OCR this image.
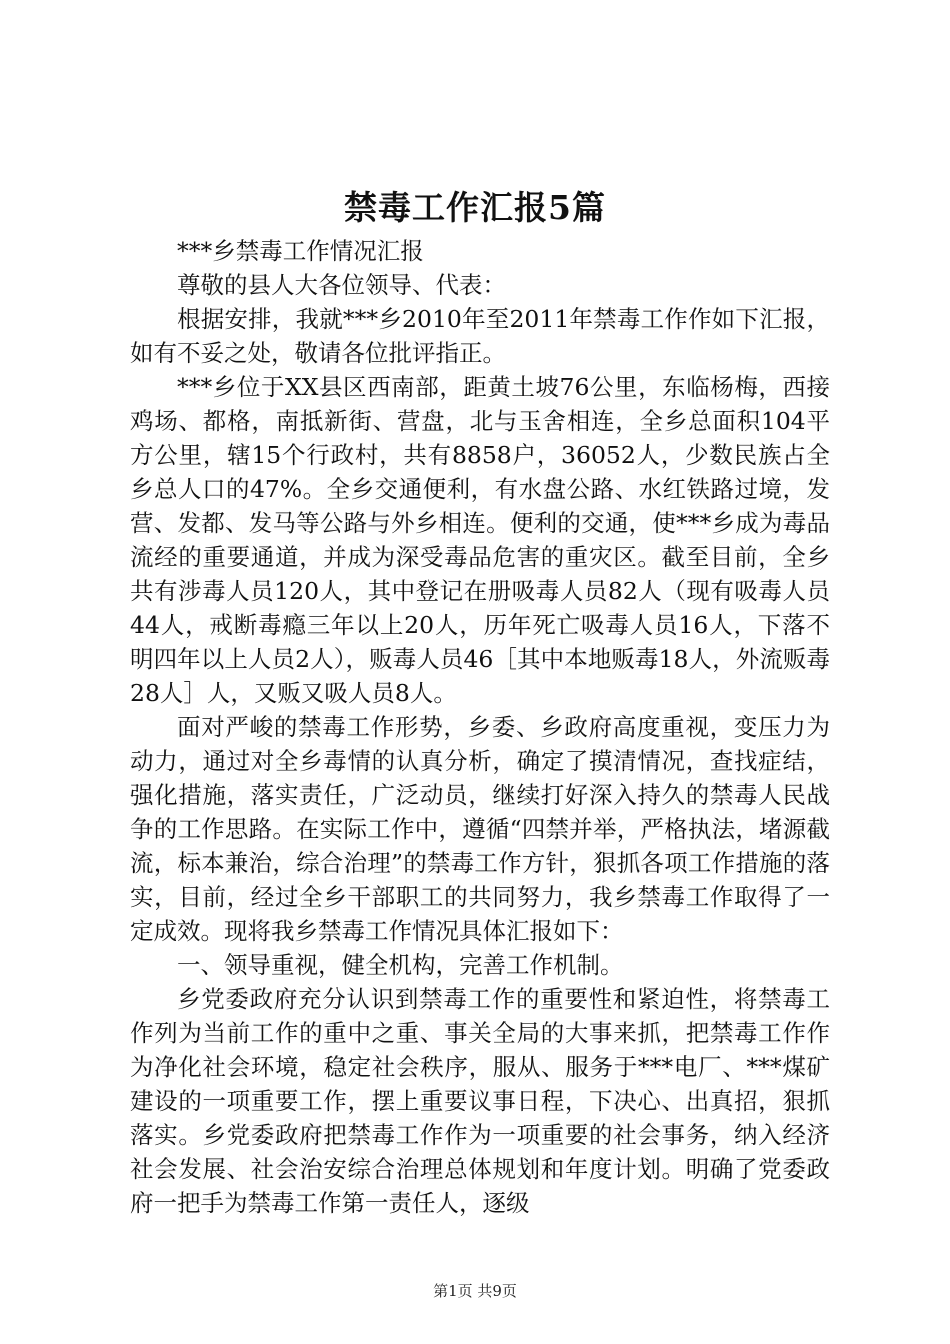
禁毒工作汇报5篇

***乡禁毒工作情况汇报

尊敬的县人大各位领导、代表：

根据安排，我就***乡2010年至2011年禁毒工作作如下汇报，如有不妥之处，敬请各位批评指正。

***乡位于XX县区西南部，距黄土坡76公里，东临杨梅，西接鸡场、都格，南抵新街、营盘，北与玉舍相连，全乡总面积104平方公里，辖15个行政村，共有8858户，36052人，少数民族占全乡总人口的47%。全乡交通便利，有水盘公路、水红铁路过境，发营、发都、发马等公路与外乡相连。便利的交通，使***乡成为毒品流经的重要通道，并成为深受毒品危害的重灾区。截至目前，全乡共有涉毒人员120人，其中登记在册吸毒人员82人（现有吸毒人员44人，戒断毒瘾三年以上20人，历年死亡吸毒人员16人，下落不明四年以上人员2人），贩毒人员46［其中本地贩毒18人，外流贩毒28人］人，又贩又吸人员8人。

面对严峻的禁毒工作形势，乡委、乡政府高度重视，变压力为动力，通过对全乡毒情的认真分析，确定了摸清情况，查找症结，强化措施，落实责任，广泛动员，继续打好深入持久的禁毒人民战争的工作思路。在实际工作中，遵循“四禁并举，严格执法，堵源截流，标本兼治，综合治理”的禁毒工作方针，狠抓各项工作措施的落实，目前，经过全乡干部职工的共同努力，我乡禁毒工作取得了一定成效。现将我乡禁毒工作情况具体汇报如下：

一、领导重视，健全机构，完善工作机制。

乡党委政府充分认识到禁毒工作的重要性和紧迫性，将禁毒工作列为当前工作的重中之重、事关全局的大事来抓，把禁毒工作作为净化社会环境，稳定社会秩序，服从、服务于***电厂、***煤矿建设的一项重要工作，摆上重要议事日程，下决心、出真招，狠抓落实。乡党委政府把禁毒工作作为一项重要的社会事务，纳入经济社会发展、社会治安综合治理总体规划和年度计划。明确了党委政府一把手为禁毒工作第一责任人，逐级

第1页 共9页
